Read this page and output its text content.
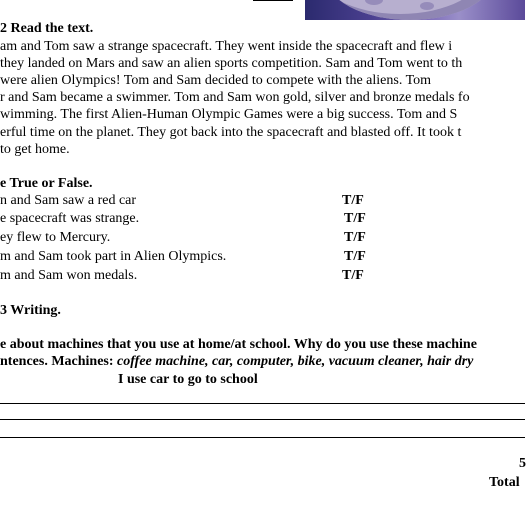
2 Read the text.
am and Tom saw a strange spacecraft. They went inside the spacecraft and flew i
they landed on Mars and saw an alien sports competition. Sam and Tom went to th
were alien Olympics! Tom and Sam decided to compete with the aliens. Tom
r and Sam became a swimmer. Tom and Sam won gold, silver and bronze medals fo
wimming. The first Alien-Human Olympic Games were a big success. Tom and S
erful time on the planet. They got back into the spacecraft and blasted off. It took t
to get home.
e True or False.
n and Sam saw a red car	T/F
e spacecraft was strange.	T/F
ey flew to Mercury.	T/F
m and Sam took part in Alien Olympics.	T/F
m and Sam won medals.	T/F
3 Writing.
e about machines that you use at home/at school. Why do you use these machine
ntences. Machines: coffee machine, car, computer, bike, vacuum cleaner, hair dry
I use car to go to school
5
Total
